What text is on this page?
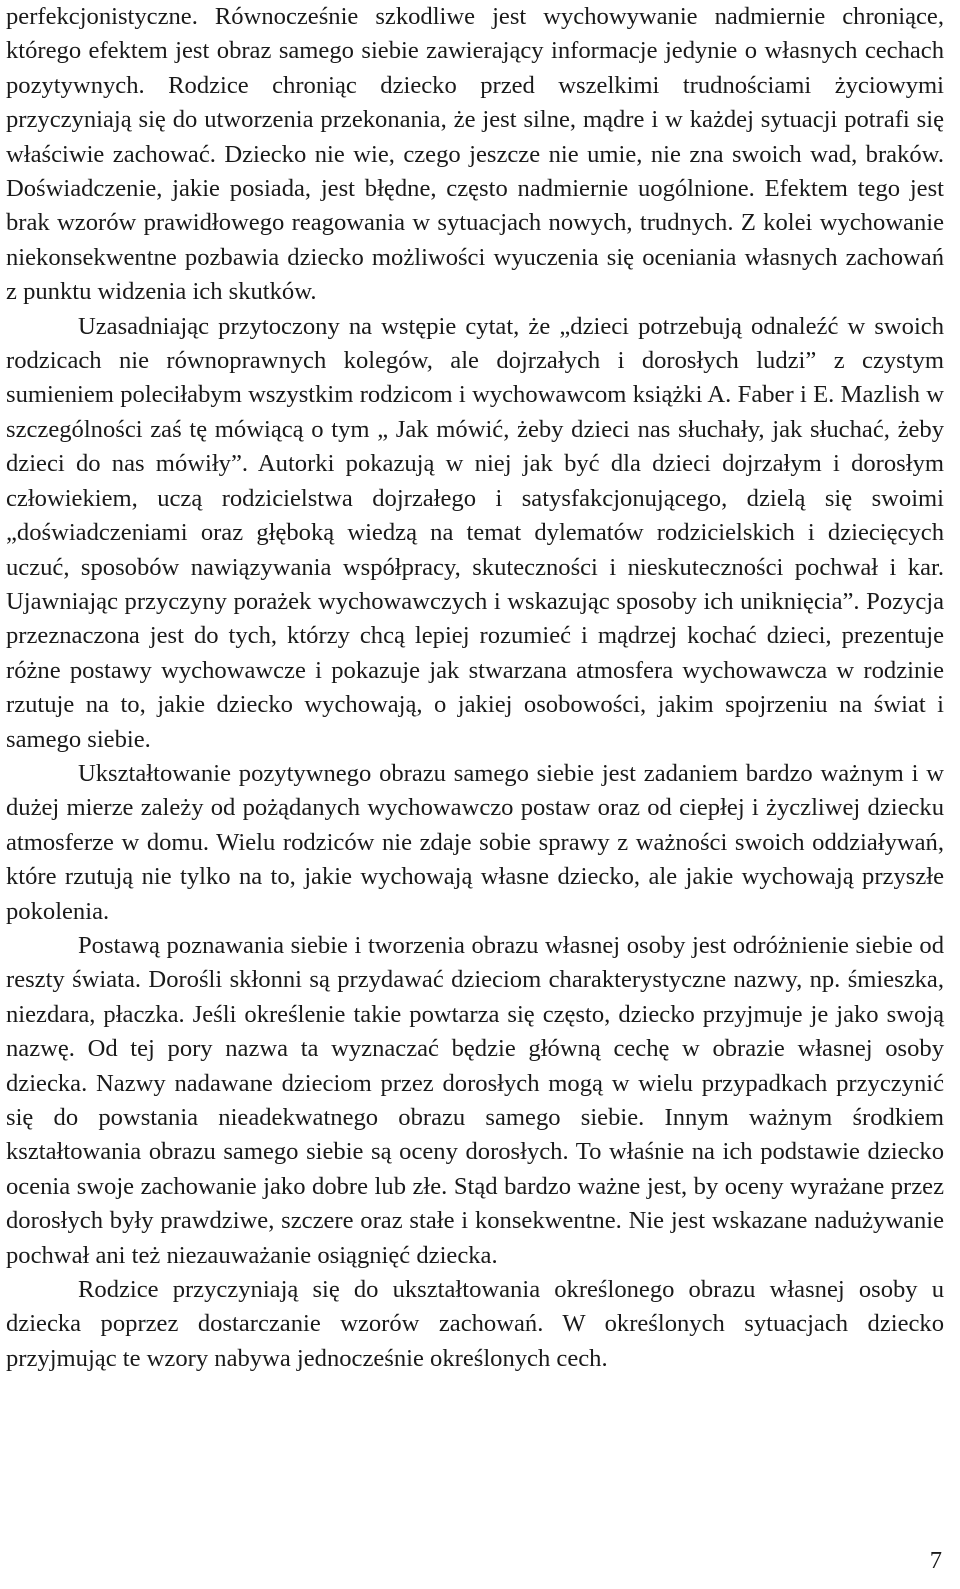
perfekcjonistyczne. Równocześnie szkodliwe jest wychowywanie nadmiernie chroniące, którego efektem jest obraz samego siebie zawierający informacje jedynie o własnych cechach pozytywnych. Rodzice chroniąc dziecko przed wszelkimi trudnościami życiowymi przyczyniają się do utworzenia przekonania, że jest silne, mądre i w każdej sytuacji potrafi się właściwie zachować. Dziecko nie wie, czego jeszcze nie umie, nie zna swoich wad, braków. Doświadczenie, jakie posiada, jest błędne, często nadmiernie uogólnione. Efektem tego jest brak wzorów prawidłowego reagowania w sytuacjach nowych, trudnych. Z kolei wychowanie niekonsekwentne pozbawia dziecko możliwości wyuczenia się oceniania własnych zachowań z punktu widzenia ich skutków.

Uzasadniając przytoczony na wstępie cytat, że „dzieci potrzebują odnaleźć w swoich rodzicach nie równoprawnych kolegów, ale dojrzałych i dorosłych ludzi” z czystym sumieniem poleciłabym wszystkim rodzicom i wychowawcom książki A. Faber i E. Mazlish w szczególności zaś tę mówiącą o tym „ Jak mówić, żeby dzieci nas słuchały, jak słuchać, żeby dzieci do nas mówiły”. Autorki pokazują w niej jak być dla dzieci dojrzałym i dorosłym człowiekiem, uczą rodzicielstwa dojrzałego i satysfakcjonującego, dzielą się swoimi „doświadczeniami oraz głęboką wiedzą na temat dylematów rodzicielskich i dziecięcych uczuć, sposobów nawiązywania współpracy, skuteczności i nieskuteczności pochwał i kar. Ujawniając przyczyny porażek wychowawczych i wskazując sposoby ich uniknięcia”. Pozycja przeznaczona jest do tych, którzy chcą lepiej rozumieć i mądrzej kochać dzieci, prezentuje różne postawy wychowawcze i pokazuje jak stwarzana atmosfera wychowawcza w rodzinie rzutuje na to, jakie dziecko wychowają, o jakiej osobowości, jakim spojrzeniu na świat i samego siebie.

Ukształtowanie pozytywnego obrazu samego siebie jest zadaniem bardzo ważnym i w dużej mierze zależy od pożądanych wychowawczo postaw oraz od ciepłej i życzliwej dziecku atmosferze w domu. Wielu rodziców nie zdaje sobie sprawy z ważności swoich oddziaływań, które rzutują nie tylko na to, jakie wychowają własne dziecko, ale jakie wychowają przyszłe pokolenia.

Postawą poznawania siebie i tworzenia obrazu własnej osoby jest odróżnienie siebie od reszty świata. Dorośli skłonni są przydawać dzieciom charakterystyczne nazwy, np. śmieszka, niezdara, płaczka. Jeśli określenie takie powtarza się często, dziecko przyjmuje je jako swoją nazwę. Od tej pory nazwa ta wyznaczać będzie główną cechę w obrazie własnej osoby dziecka. Nazwy nadawane dzieciom przez dorosłych mogą w wielu przypadkach przyczynić się do powstania nieadekwatnego obrazu samego siebie. Innym ważnym środkiem kształtowania obrazu samego siebie są oceny dorosłych. To właśnie na ich podstawie dziecko ocenia swoje zachowanie jako dobre lub złe. Stąd bardzo ważne jest, by oceny wyrażane przez dorosłych były prawdziwe, szczere oraz stałe i konsekwentne. Nie jest wskazane nadużywanie pochwał ani też niezauważanie osiągnięć dziecka.

Rodzice przyczyniają się do ukształtowania określonego obrazu własnej osoby u dziecka poprzez dostarczanie wzorów zachowań. W określonych sytuacjach dziecko przyjmując te wzory nabywa jednocześnie określonych cech.

7
